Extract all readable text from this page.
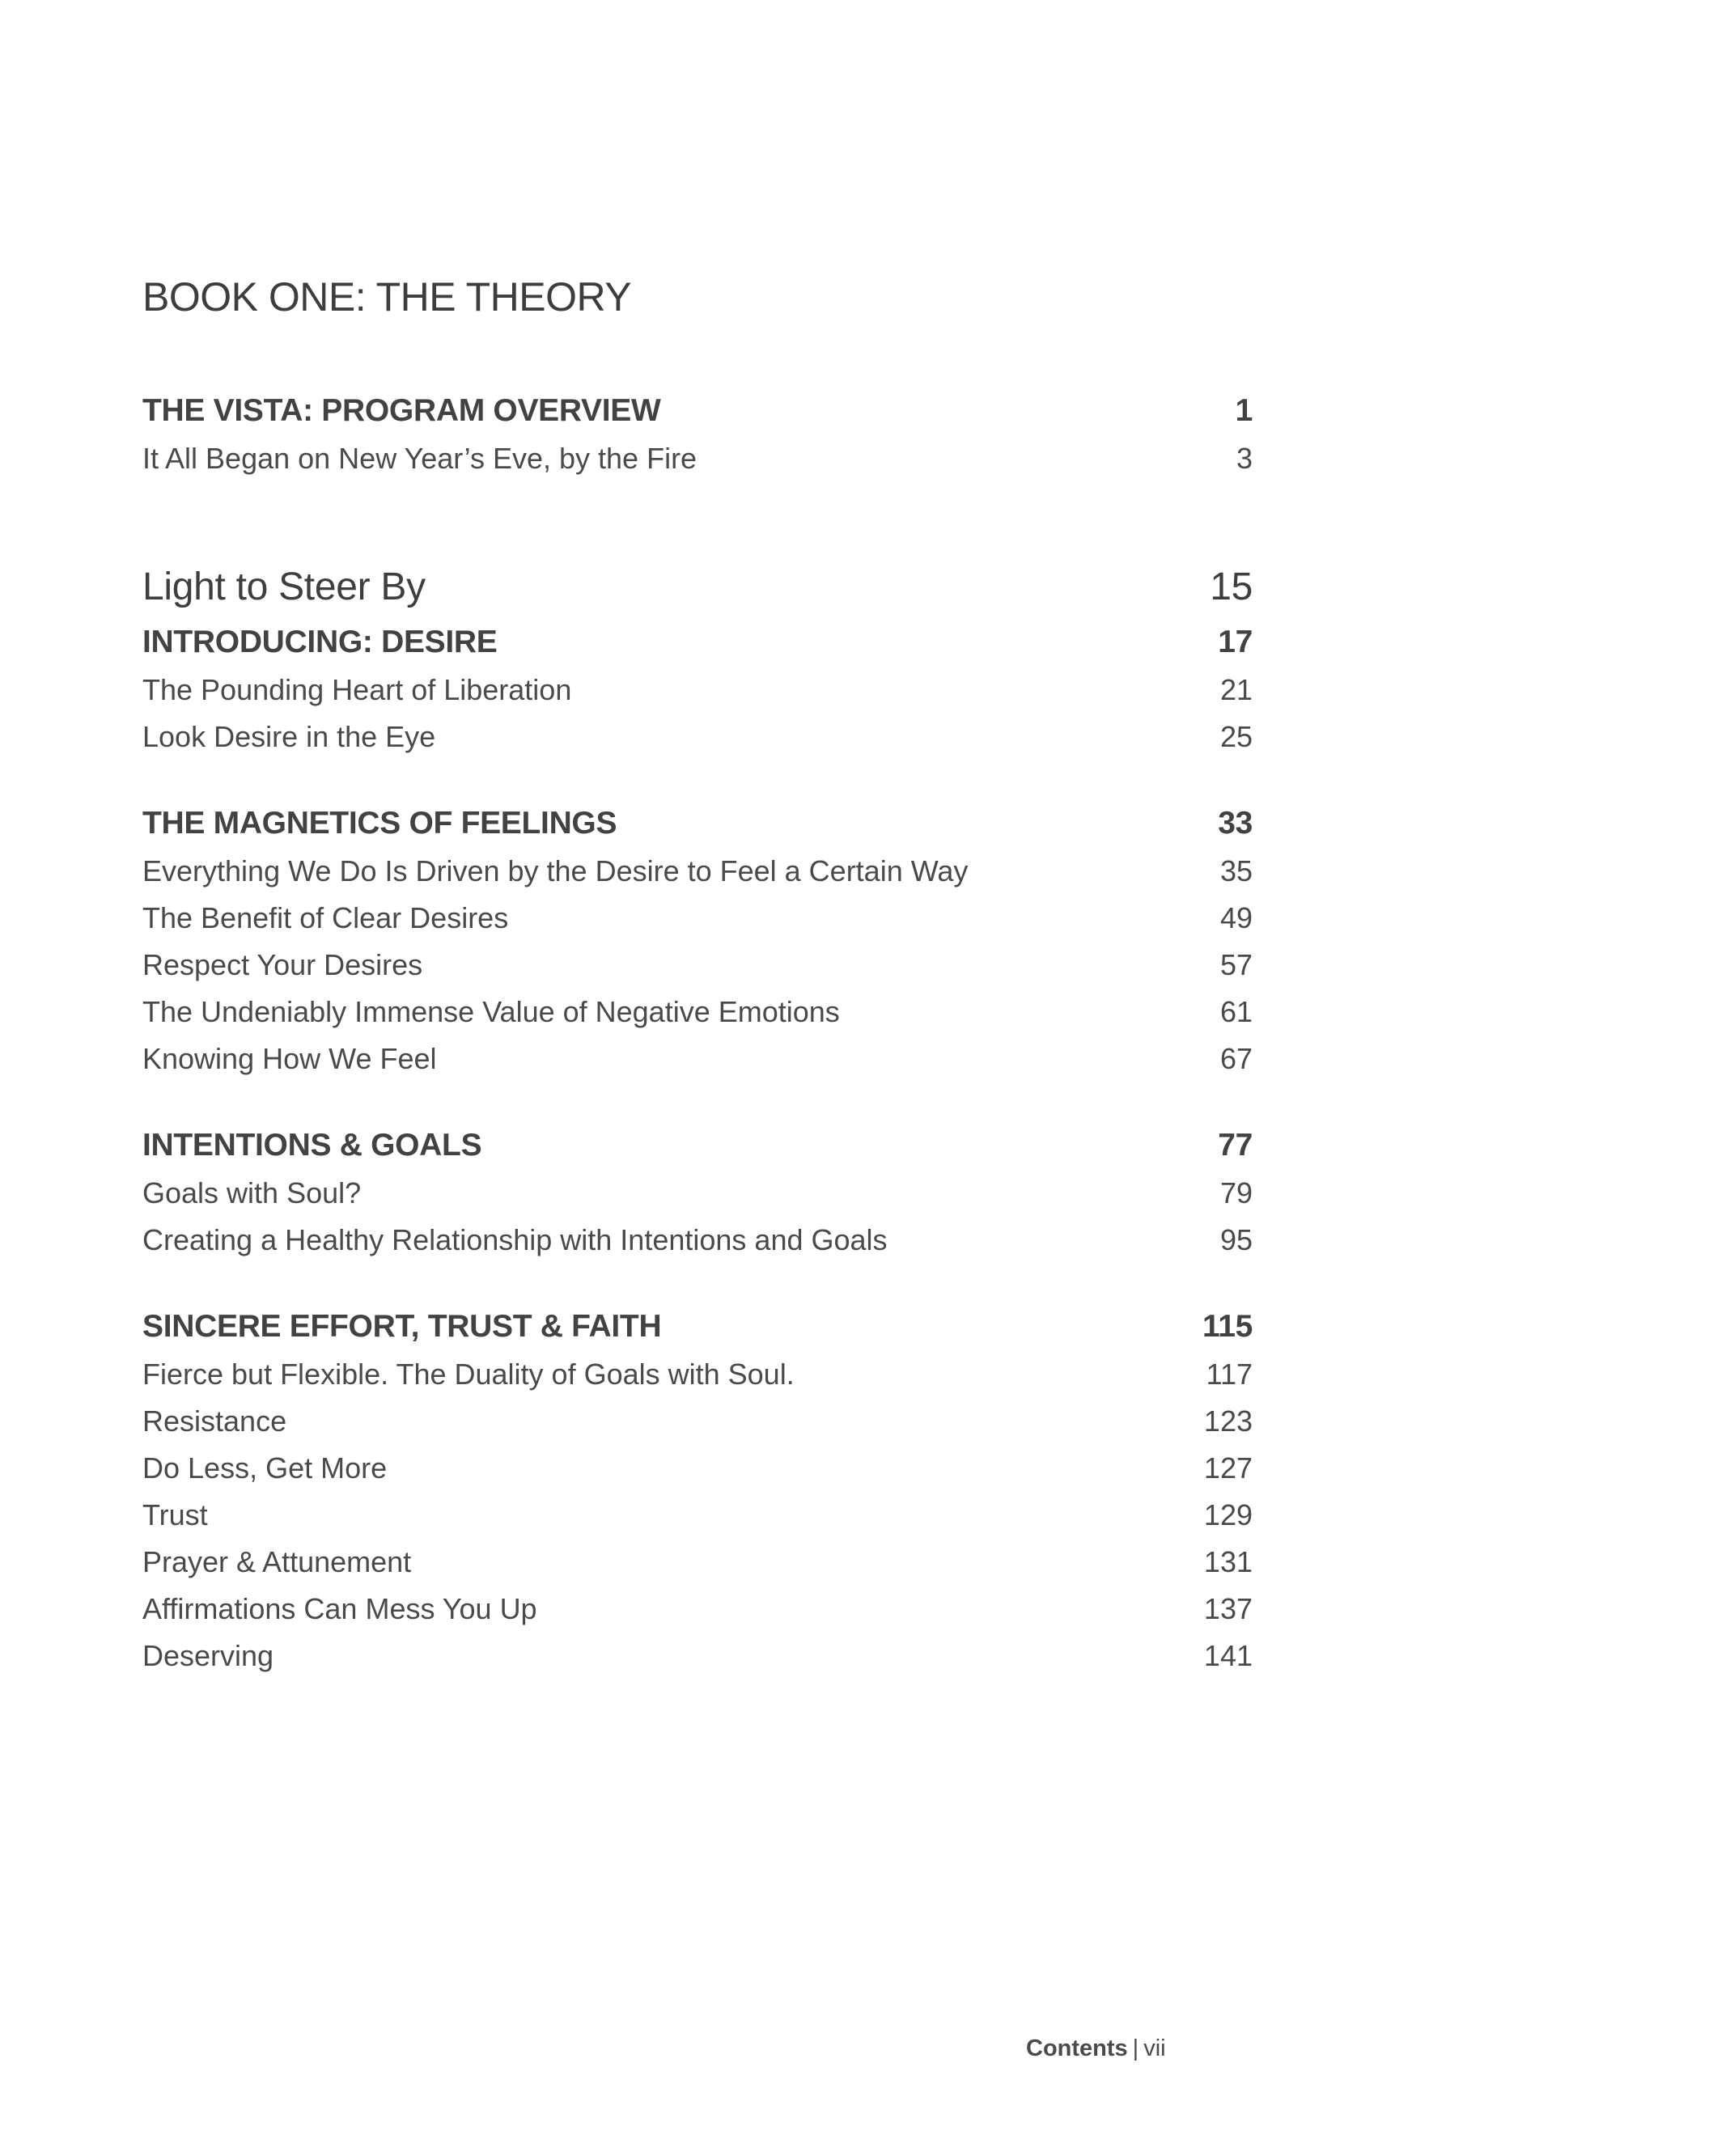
BOOK ONE: THE THEORY
THE VISTA: PROGRAM OVERVIEW	1
It All Began on New Year’s Eve, by the Fire	3
Light to Steer By	15
INTRODUCING: DESIRE	17
The Pounding Heart of Liberation	21
Look Desire in the Eye	25
THE MAGNETICS OF FEELINGS	33
Everything We Do Is Driven by the Desire to Feel a Certain Way	35
The Benefit of Clear Desires	49
Respect Your Desires	57
The Undeniably Immense Value of Negative Emotions	61
Knowing How We Feel	67
INTENTIONS & GOALS	77
Goals with Soul?	79
Creating a Healthy Relationship with Intentions and Goals	95
SINCERE EFFORT, TRUST & FAITH	115
Fierce but Flexible. The Duality of Goals with Soul.	117
Resistance	123
Do Less, Get More	127
Trust	129
Prayer & Attunement	131
Affirmations Can Mess You Up	137
Deserving	141
Contents | vii
